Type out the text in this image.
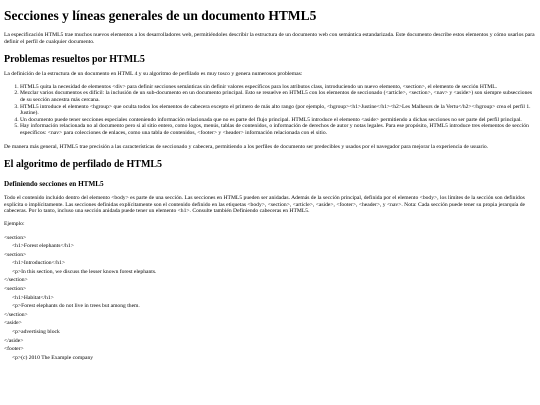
Secciones y líneas generales de un documento HTML5

La especificación HTML5 trae muchos nuevos elementos a los desarrolladores web, permitiéndoles describir la estructura de un documento web con semántica estandarizada. Este documento describe estos elementos y cómo usarlos para definir el perfil de cualquier documento.

Problemas resueltos por HTML5

La definición de la estructura de un documento en HTML 4 y su algoritmo de perfilado es muy tosco y genera numerosos problemas:

1. HTML5 quita la necesidad de elementos <div> para definir secciones semánticas sin definir valores específicos para los atributos class, introduciendo un nuevo elemento, <section>, el elemento de sección HTML.
2. Mezclar varios documentos es difícil: la inclusión de un sub-documento en un documento principal. Esto se resuelve en HTML5 con los elementos de seccionado (<article>, <section>, <nav> y <aside>) son siempre subsecciones de su sección ancestra más cercana.
3. HTML5 introduce el elemento <hgroup> que oculta todos los elementos de cabecera excepto el primero de más alto rango (por ejemplo, <hgroup><h1>Justine</h1><h2>Les Malheurs de la Vertu</h2></hgroup> crea el perfil 1. Justine).
4. Un documento puede tener secciones especiales conteniendo información relacionada que no es parte del flujo principal. HTML5 introduce el elemento <aside> permitiendo a dichas secciones no ser parte del perfil principal.
5. Hay información relacionada no al documento pero si al sitio entero, como logos, menús, tablas de contenidos, o información de derechos de autor y notas legales. Para ese propósito, HTML5 introduce tres elementos de sección específicos: <nav> para colecciones de enlaces, como una tabla de contenidos, <footer> y <header> información relacionada con el sitio.

De manera más general, HTML5 trae precisión a las características de seccionado y cabecera, permitiendo a los perfiles de documento ser predecibles y usados por el navegador para mejorar la experiencia de usuario.

El algoritmo de perfilado de HTML5
Definiendo secciones en HTML5

Todo el contenido incluido dentro del elemento <body> es parte de una sección. Las secciones en HTML5 pueden ser anidadas. Además de la sección principal, definida por el elemento <body>, los límites de la sección son definidos explícita o implícitamente. Las secciones definidas explícitamente son el contenido definido en las etiquetas <body>, <section>, <article>, <aside>, <footer>, <header>, y <nav>. Nota: Cada sección puede tener su propia jerarquía de cabeceras. Por lo tanto, incluso una sección anidada puede tener un elemento <h1>. Consulte también Definiendo cabeceras en HTML5.

Ejemplo:

<section>
<h1>Forest elephants</h1>
<section>
<h1>Introduction</h1>
<p>In this section, we discuss the lesser known forest elephants.
</section>
<section>
<h1>Habitat</h1>
<p>Forest elephants do not live in trees but among them.
</section>
<aside>
<p>advertising block
</aside>
<footer>
<p>(c) 2010 The Example company
